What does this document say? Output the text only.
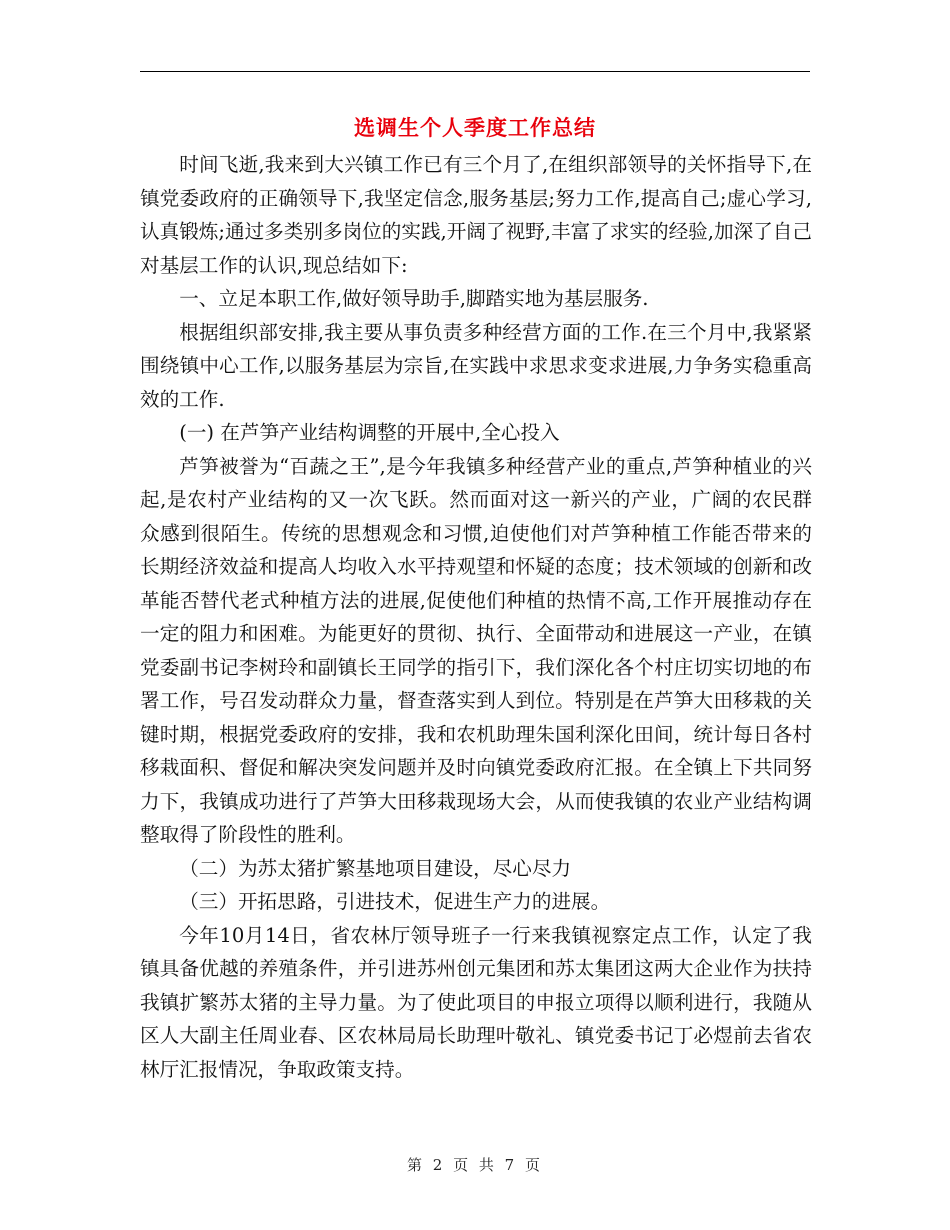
选调生个人季度工作总结

时间飞逝,我来到大兴镇工作已有三个月了,在组织部领导的关怀指导下,在镇党委政府的正确领导下,我坚定信念,服务基层;努力工作,提高自己;虚心学习,认真锻炼;通过多类别多岗位的实践,开阔了视野,丰富了求实的经验,加深了自己对基层工作的认识,现总结如下:

一、立足本职工作,做好领导助手,脚踏实地为基层服务.

根据组织部安排,我主要从事负责多种经营方面的工作.在三个月中,我紧紧围绕镇中心工作,以服务基层为宗旨,在实践中求思求变求进展,力争务实稳重高效的工作.

(一) 在芦笋产业结构调整的开展中,全心投入

芦笋被誉为“百蔬之王”,是今年我镇多种经营产业的重点,芦笋种植业的兴起,是农村产业结构的又一次飞跃。然而面对这一新兴的产业，广阔的农民群众感到很陌生。传统的思想观念和习惯,迫使他们对芦笋种植工作能否带来的长期经济效益和提高人均收入水平持观望和怀疑的态度；技术领域的创新和改革能否替代老式种植方法的进展,促使他们种植的热情不高,工作开展推动存在一定的阻力和困难。为能更好的贯彻、执行、全面带动和进展这一产业，在镇党委副书记李树玲和副镇长王同学的指引下，我们深化各个村庄切实切地的布署工作，号召发动群众力量，督查落实到人到位。特别是在芦笋大田移栽的关键时期，根据党委政府的安排，我和农机助理朱国利深化田间，统计每日各村移栽面积、督促和解决突发问题并及时向镇党委政府汇报。在全镇上下共同努力下，我镇成功进行了芦笋大田移栽现场大会，从而使我镇的农业产业结构调整取得了阶段性的胜利。

（二）为苏太猪扩繁基地项目建设，尽心尽力

（三）开拓思路，引进技术，促进生产力的进展。

今年10月14日，省农林厅领导班子一行来我镇视察定点工作，认定了我镇具备优越的养殖条件，并引进苏州创元集团和苏太集团这两大企业作为扶持我镇扩繁苏太猪的主导力量。为了使此项目的申报立项得以顺利进行，我随从区人大副主任周业春、区农林局局长助理叶敬礼、镇党委书记丁必煜前去省农林厅汇报情况，争取政策支持。

第 2 页 共 7 页
